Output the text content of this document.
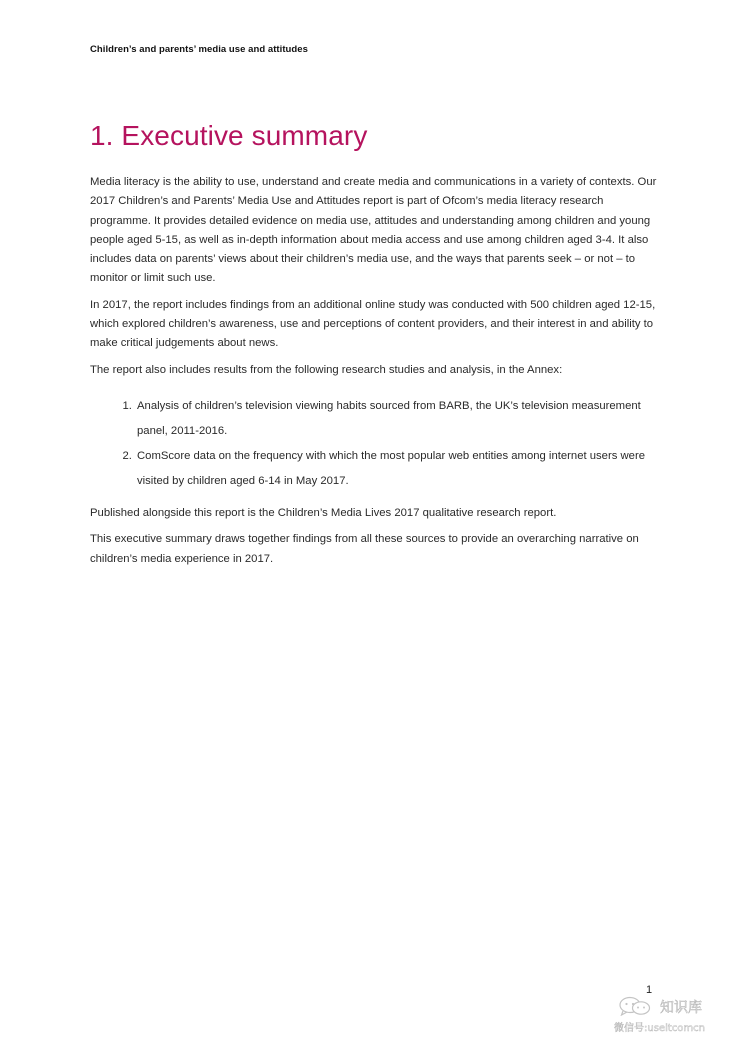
Children’s and parents’ media use and attitudes
1. Executive summary

Media literacy is the ability to use, understand and create media and communications in a variety of contexts. Our 2017 Children’s and Parents’ Media Use and Attitudes report is part of Ofcom’s media literacy research programme. It provides detailed evidence on media use, attitudes and understanding among children and young people aged 5-15, as well as in-depth information about media access and use among children aged 3-4. It also includes data on parents’ views about their children’s media use, and the ways that parents seek – or not – to monitor or limit such use.

In 2017, the report includes findings from an additional online study was conducted with 500 children aged 12-15, which explored children’s awareness, use and perceptions of content providers, and their interest in and ability to make critical judgements about news.

The report also includes results from the following research studies and analysis, in the Annex:

1. Analysis of children’s television viewing habits sourced from BARB, the UK’s television measurement panel, 2011-2016.
2. ComScore data on the frequency with which the most popular web entities among internet users were visited by children aged 6-14 in May 2017.

Published alongside this report is the Children’s Media Lives 2017 qualitative research report.

This executive summary draws together findings from all these sources to provide an overarching narrative on children’s media experience in 2017.

1
知识库
微信号:useitcomcn
